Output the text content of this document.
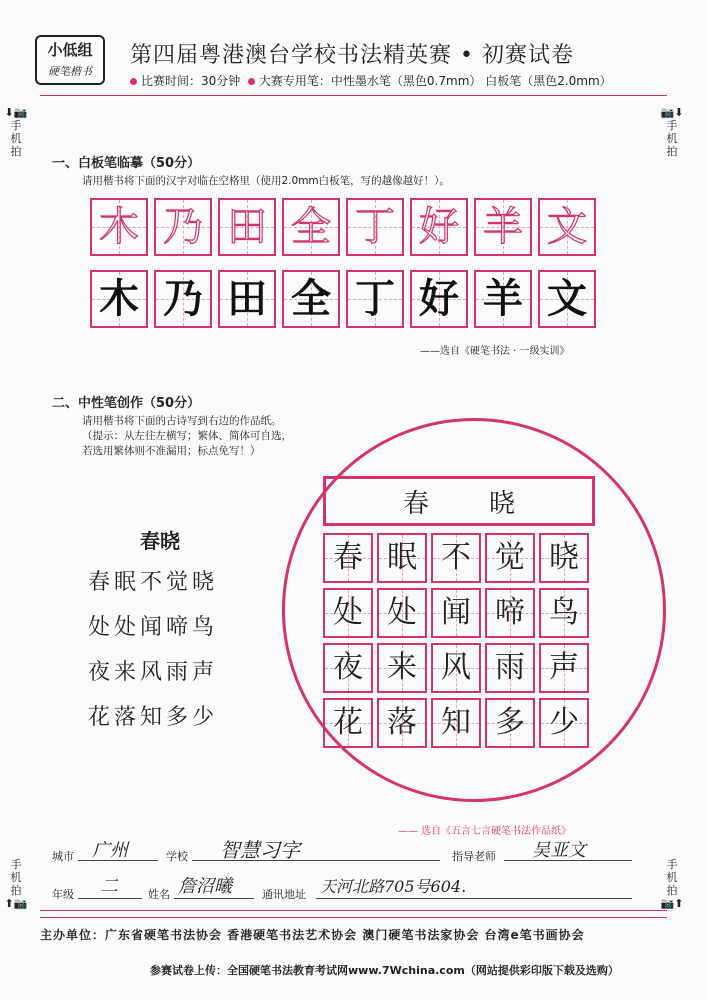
小低组
硬笔楷书
第四届粤港澳台学校书法精英赛 • 初赛试卷
比赛时间：30分钟 大赛专用笔：中性墨水笔（黑色0.7mm） 白板笔（黑色2.0mm）
⬇📷
手机拍
📷⬇
手机拍
手机拍
⬆📷
手机拍
📷⬆
一、白板笔临摹（50分）
请用楷书将下面的汉字对临在空格里（使用2.0mm白板笔，写的越像越好！）。
木 乃 田 全 丁 好 羊 文
木 乃 田 全 丁 好 羊 文
——选自《硬笔书法 · 一级实训》
二、中性笔创作（50分）
请用楷书将下面的古诗写到右边的作品纸。
（提示：从左往左横写；繁体、简体可自选，
若选用繁体则不准漏用；标点免写！）
春晓
春眠不觉晓
处处闻啼鸟
夜来风雨声
花落知多少
春晓
春 眠 不 觉 晓
处 处 闻 啼 鸟
夜 来 风 雨 声
花 落 知 多 少
—— 选自《五言七言硬笔书法作品纸》
城市 广州	学校 智慧习字	指导老师 吴亚文
年级 二	姓名 詹沼曦	通讯地址 天河北路705号604.
主办单位：广东省硬笔书法协会 香港硬笔书法艺术协会 澳门硬笔书法家协会 台湾e笔书画协会
参赛试卷上传：全国硬笔书法教育考试网www.7Wchina.com（网站提供彩印版下载及选购）
